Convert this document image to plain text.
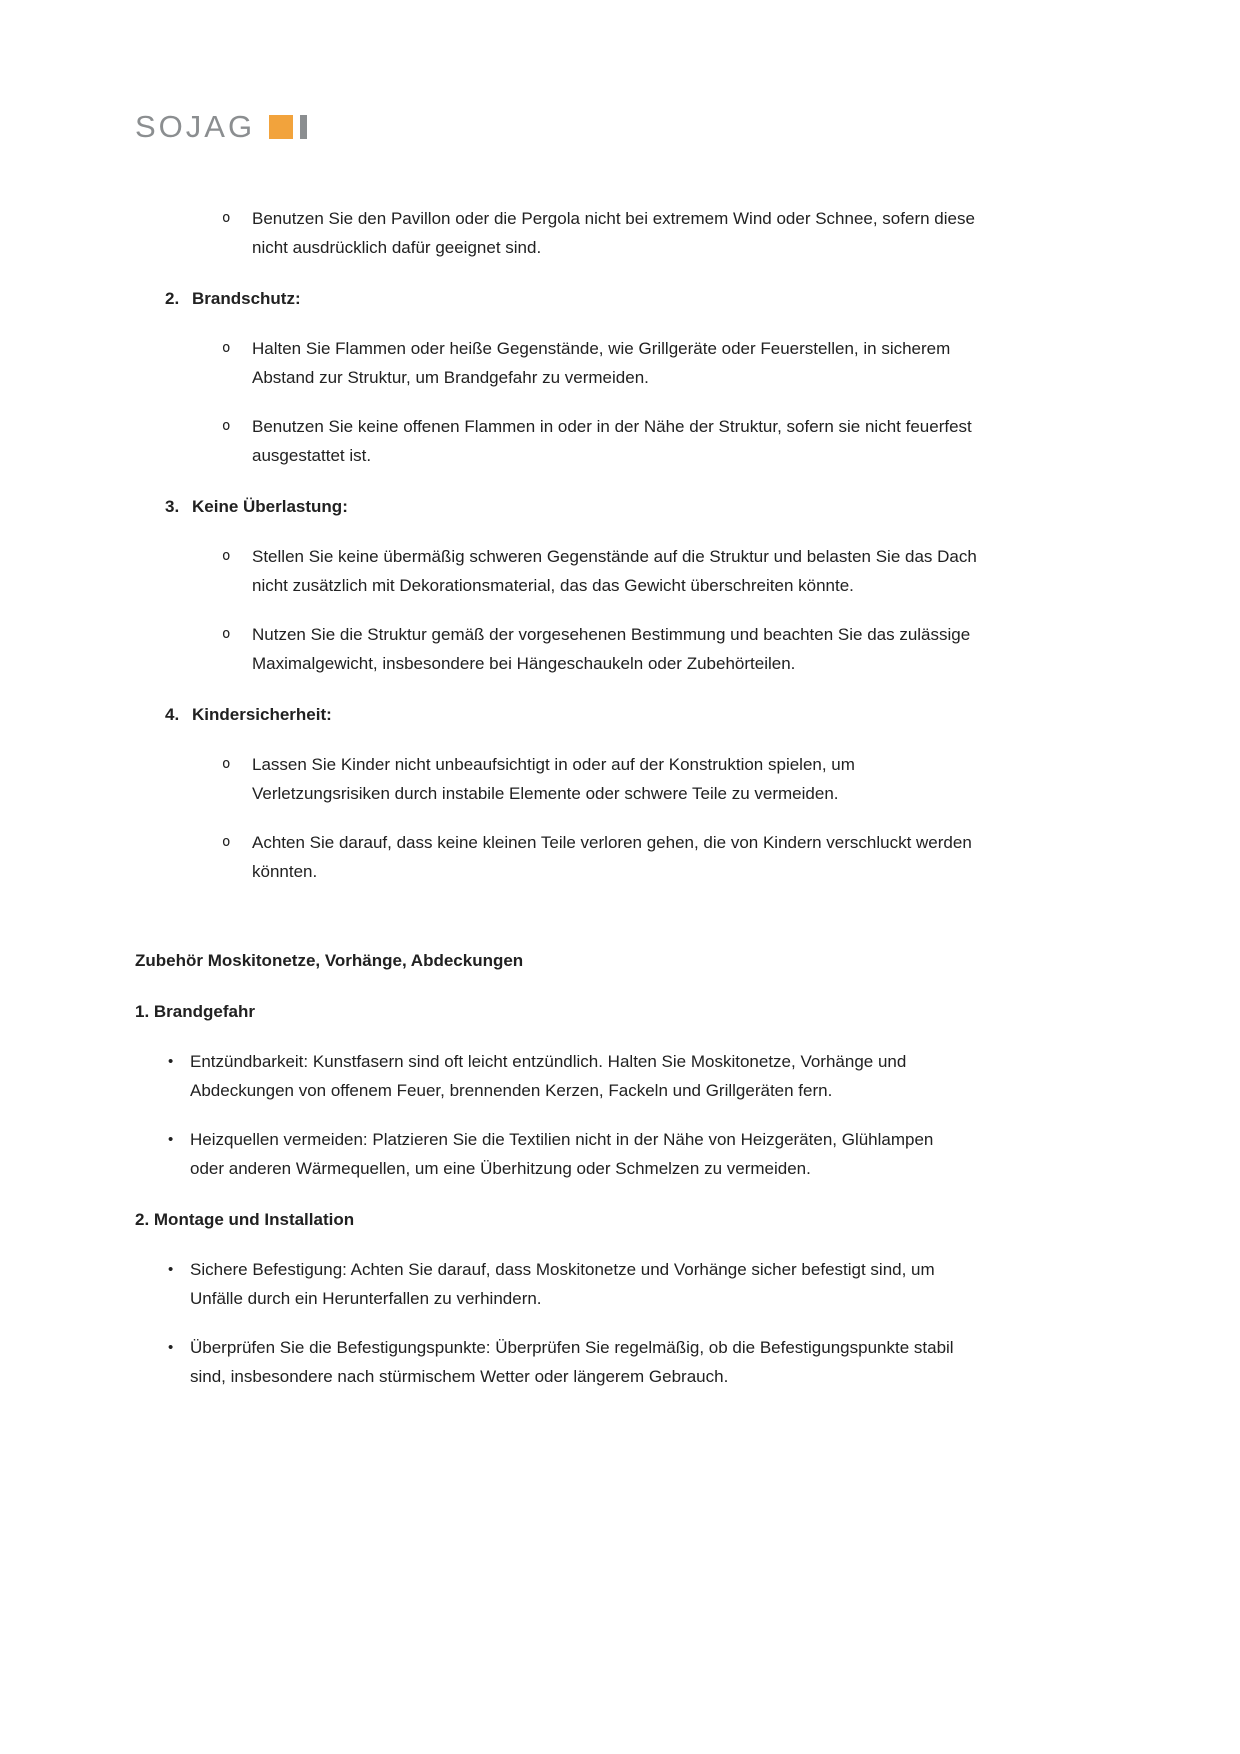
SOJAG
o	Benutzen Sie den Pavillon oder die Pergola nicht bei extremem Wind oder Schnee, sofern diese nicht ausdrücklich dafür geeignet sind.

2. Brandschutz:
o	Halten Sie Flammen oder heiße Gegenstände, wie Grillgeräte oder Feuerstellen, in sicherem Abstand zur Struktur, um Brandgefahr zu vermeiden.

o	Benutzen Sie keine offenen Flammen in oder in der Nähe der Struktur, sofern sie nicht feuerfest ausgestattet ist.

3. Keine Überlastung:
o	Stellen Sie keine übermäßig schweren Gegenstände auf die Struktur und belasten Sie das Dach nicht zusätzlich mit Dekorationsmaterial, das das Gewicht überschreiten könnte.

o	Nutzen Sie die Struktur gemäß der vorgesehenen Bestimmung und beachten Sie das zulässige Maximalgewicht, insbesondere bei Hängeschaukeln oder Zubehörteilen.

4. Kindersicherheit:
o	Lassen Sie Kinder nicht unbeaufsichtigt in oder auf der Konstruktion spielen, um Verletzungsrisiken durch instabile Elemente oder schwere Teile zu vermeiden.

o	Achten Sie darauf, dass keine kleinen Teile verloren gehen, die von Kindern verschluckt werden könnten.

Zubehör Moskitonetze, Vorhänge, Abdeckungen
1. Brandgefahr
• Entzündbarkeit: Kunstfasern sind oft leicht entzündlich. Halten Sie Moskitonetze, Vorhänge und Abdeckungen von offenem Feuer, brennenden Kerzen, Fackeln und Grillgeräten fern.

• Heizquellen vermeiden: Platzieren Sie die Textilien nicht in der Nähe von Heizgeräten, Glühlampen oder anderen Wärmequellen, um eine Überhitzung oder Schmelzen zu vermeiden.

2. Montage und Installation
• Sichere Befestigung: Achten Sie darauf, dass Moskitonetze und Vorhänge sicher befestigt sind, um Unfälle durch ein Herunterfallen zu verhindern.

• Überprüfen Sie die Befestigungspunkte: Überprüfen Sie regelmäßig, ob die Befestigungspunkte stabil sind, insbesondere nach stürmischem Wetter oder längerem Gebrauch.
